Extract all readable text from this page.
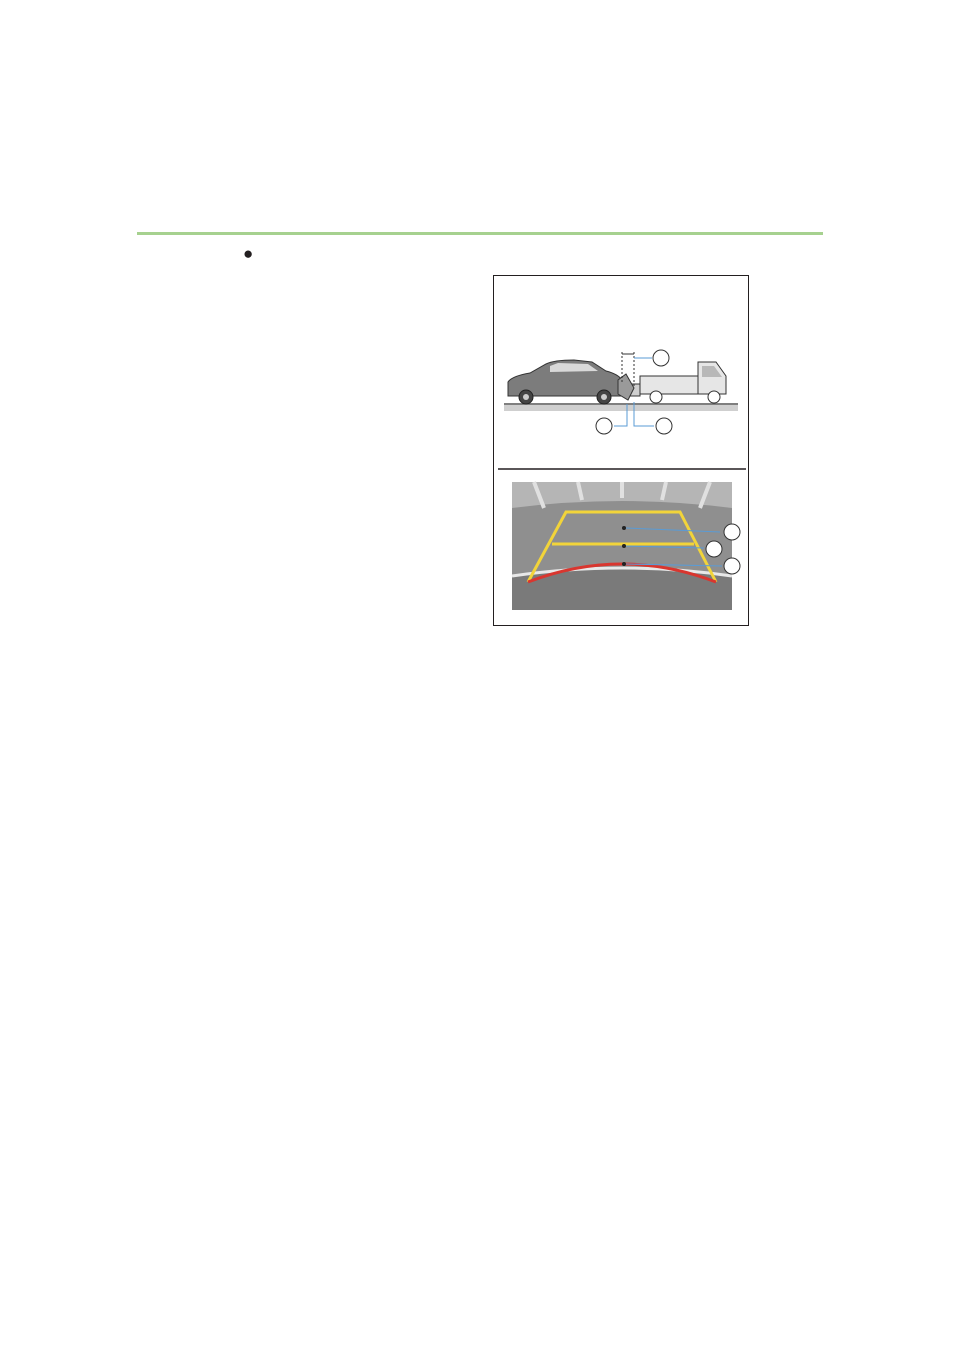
●
